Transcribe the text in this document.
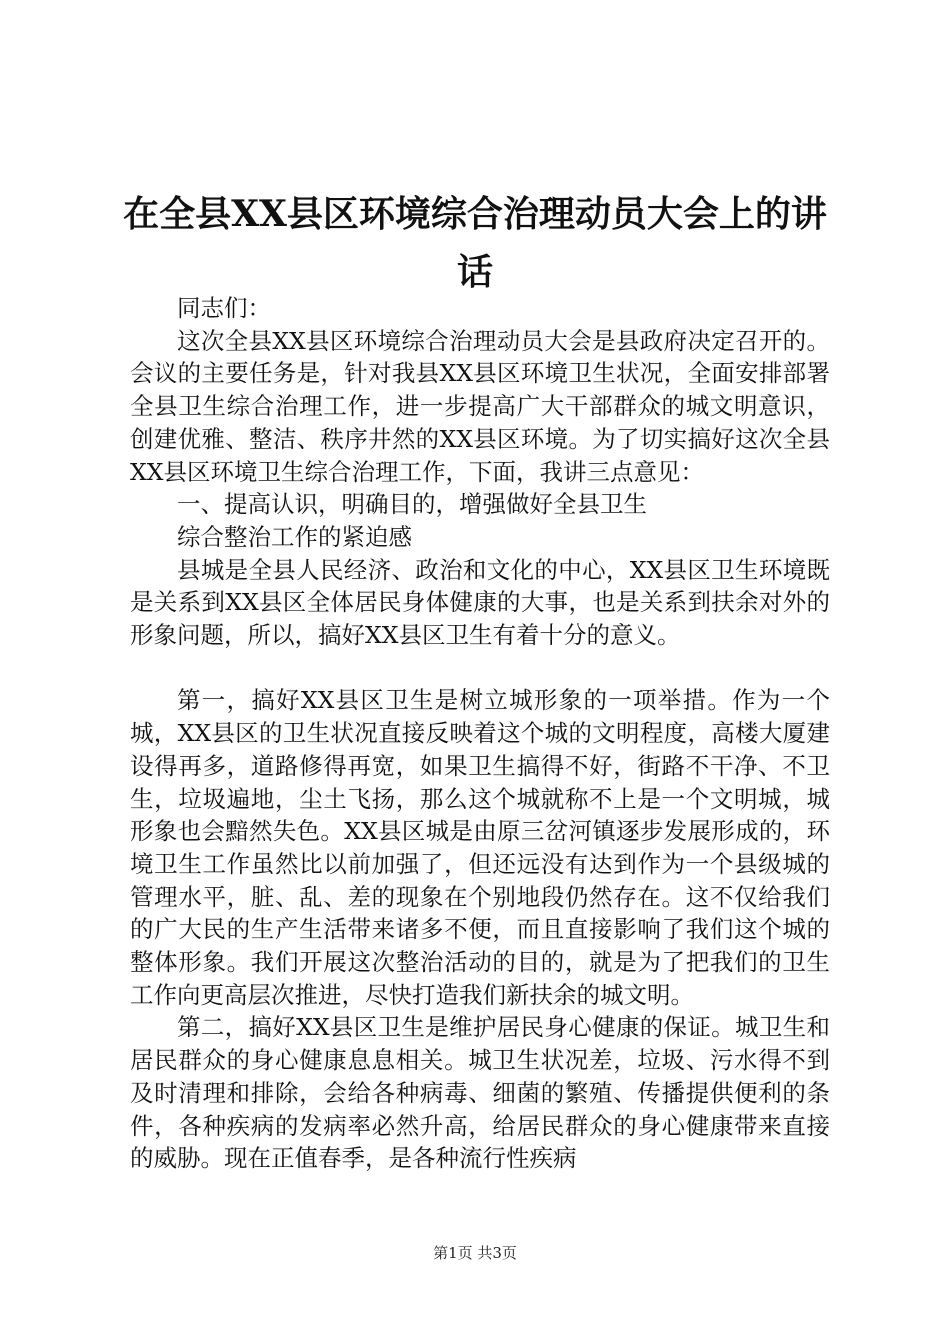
在全县XX县区环境综合治理动员大会上的讲
话

同志们：

这次全县XX县区环境综合治理动员大会是县政府决定召开的。会议的主要任务是，针对我县XX县区环境卫生状况，全面安排部署全县卫生综合治理工作，进一步提高广大干部群众的城文明意识，创建优雅、整洁、秩序井然的XX县区环境。为了切实搞好这次全县XX县区环境卫生综合治理工作，下面，我讲三点意见：

一、提高认识，明确目的，增强做好全县卫生

综合整治工作的紧迫感

县城是全县人民经济、政治和文化的中心，XX县区卫生环境既是关系到XX县区全体居民身体健康的大事，也是关系到扶余对外的形象问题，所以，搞好XX县区卫生有着十分的意义。

第一，搞好XX县区卫生是树立城形象的一项举措。作为一个城，XX县区的卫生状况直接反映着这个城的文明程度，高楼大厦建设得再多，道路修得再宽，如果卫生搞得不好，街路不干净、不卫生，垃圾遍地，尘土飞扬，那么这个城就称不上是一个文明城，城形象也会黯然失色。XX县区城是由原三岔河镇逐步发展形成的，环境卫生工作虽然比以前加强了，但还远没有达到作为一个县级城的管理水平，脏、乱、差的现象在个别地段仍然存在。这不仅给我们的广大民的生产生活带来诸多不便，而且直接影响了我们这个城的整体形象。我们开展这次整治活动的目的，就是为了把我们的卫生工作向更高层次推进，尽快打造我们新扶余的城文明。

第二，搞好XX县区卫生是维护居民身心健康的保证。城卫生和居民群众的身心健康息息相关。城卫生状况差，垃圾、污水得不到及时清理和排除，会给各种病毒、细菌的繁殖、传播提供便利的条件，各种疾病的发病率必然升高，给居民群众的身心健康带来直接的威胁。现在正值春季，是各种流行性疾病

第1页 共3页
